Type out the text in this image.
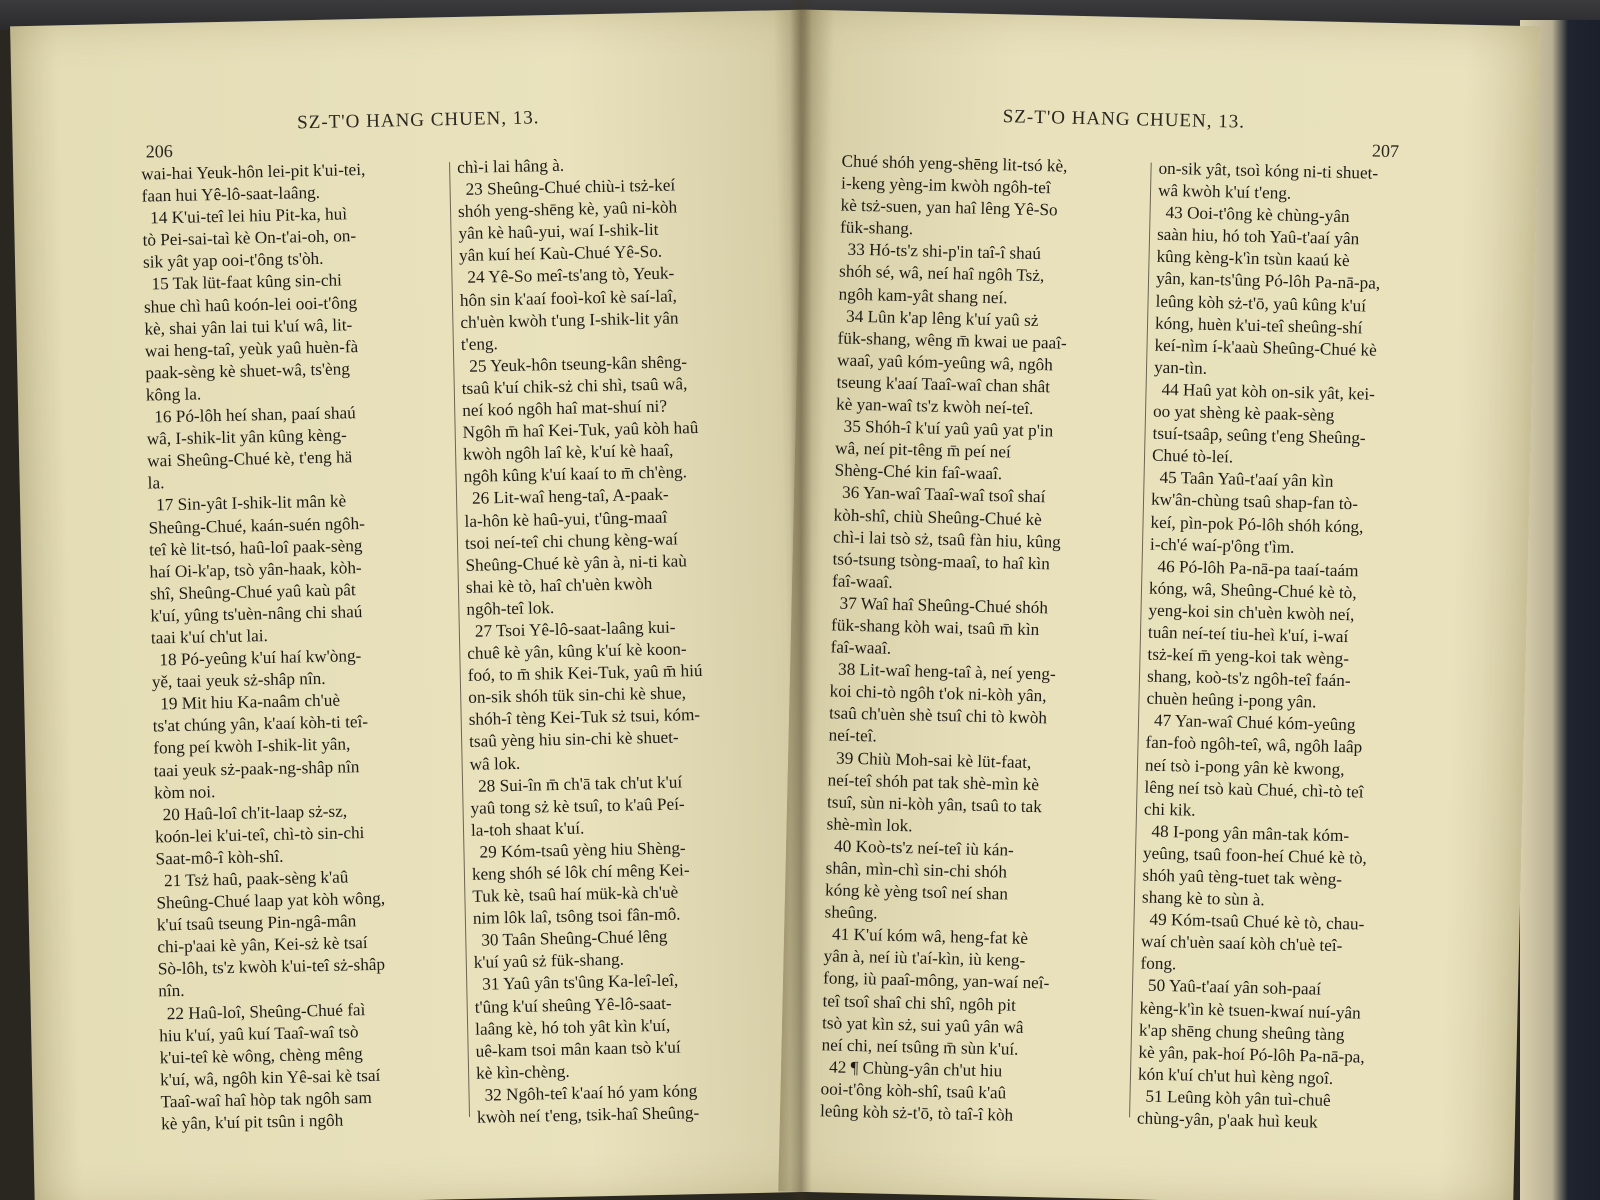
206
SZ-T'O HANG CHUEN, 13.

wai-hai Yeuk-hôn lei-pit k'ui-tei,

faan hui Yê-lô-saat-laâng.

14 K'ui-teî lei hiu Pit-ka, huì

tò Pei-sai-taì kè On-t'ai-oh, on-

sik yât yap ooi-t'ông ts'òh.

15 Tak lüt-faat kûng sin-chi

shue chì haû koón-lei ooi-t'ông

kè, shai yân lai tui k'uí wâ, lit-

wai heng-taî, yeùk yaû huèn-fà

paak-sèng kè shuet-wâ, ts'èng

kông la.

16 Pó-lôh heí shan, paaí shaú

wâ, I-shik-lit yân kûng kèng-

wai Sheûng-Chué kè, t'eng hä

la.

17 Sin-yât I-shik-lit mân kè

Sheûng-Chué, kaán-suén ngôh-

teî kè lit-tsó, haû-loî paak-sèng

haí Oi-k'ap, tsò yân-haak, kòh-

shî, Sheûng-Chué yaû kaù pât

k'uí, yûng ts'uèn-nâng chi shaú

taai k'uí ch'ut lai.

18 Pó-yeûng k'uí haí kw'òng-

yě, taai yeuk sż-shâp nîn.

19 Mit hiu Ka-naâm ch'uè

ts'at chúng yân, k'aaí kòh-ti teî-

fong peí kwòh I-shik-lit yân,

taai yeuk sż-paak-ng-shâp nîn

kòm noi.

20 Haû-loî ch'it-laap sż-sz,

koón-lei k'ui-teî, chì-tò sin-chi

Saat-mô-î kòh-shî.

21 Tsż haû, paak-sèng k'aû

Sheûng-Chué laap yat kòh wông,

k'uí tsaû tseung Pin-ngâ-mân

chi-p'aai kè yân, Kei-sż kè tsaí

Sò-lôh, ts'z kwòh k'ui-teî sż-shâp

nîn.

22 Haû-loî, Sheûng-Chué faì

hiu k'uí, yaû kuí Taaî-waî tsò

k'ui-teî kè wông, chèng mêng

k'uí, wâ, ngôh kin Yê-sai kè tsaí

Taaî-waî haî hòp tak ngôh sam

kè yân, k'uí pit tsûn i ngôh

chì-i lai hâng à.

23 Sheûng-Chué chiù-i tsż-keí

shóh yeng-shēng kè, yaû ni-kòh

yân kè haû-yui, waí I-shik-lit

yân kuí heí Kaù-Chué Yê-So.

24 Yê-So meî-ts'ang tò, Yeuk-

hôn sin k'aaí fooì-koî kè saí-laî,

ch'uèn kwòh t'ung I-shik-lit yân

t'eng.

25 Yeuk-hôn tseung-kân shêng-

tsaû k'uí chik-sż chi shì, tsaû wâ,

neí koó ngôh haî mat-shuí ni?

Ngôh m̄ haî Kei-Tuk, yaû kòh haû

kwòh ngôh laî kè, k'uí kè haaî,

ngôh kûng k'uí kaaí to m̄ ch'èng.

26 Lit-waî heng-taî, A-paak-

la-hôn kè haû-yui, t'ûng-maaî

tsoi neí-teî chi chung kèng-waí

Sheûng-Chué kè yân à, ni-ti kaù

shai kè tò, haî ch'uèn kwòh

ngôh-teî lok.

27 Tsoi Yê-lô-saat-laâng kui-

chuê kè yân, kûng k'uí kè koon-

foó, to m̄ shik Kei-Tuk, yaû m̄ hiú

on-sik shóh tük sin-chi kè shue,

shóh-î tèng Kei-Tuk sż tsui, kóm-

tsaû yèng hiu sin-chi kè shuet-

wâ lok.

28 Sui-în m̄ ch'ā tak ch'ut k'uí

yaû tong sż kè tsuî, to k'aû Peí-

la-toh shaat k'uí.

29 Kóm-tsaû yèng hiu Shèng-

keng shóh sé lôk chí mêng Kei-

Tuk kè, tsaû haí mük-kà ch'uè

nim lôk laî, tsông tsoi fân-mô.

30 Taân Sheûng-Chué lêng

k'uí yaû sż fük-shang.

31 Yaû yân ts'ûng Ka-leî-leî,

t'ûng k'uí sheûng Yê-lô-saat-

laâng kè, hó toh yât kìn k'uí,

uê-kam tsoi mân kaan tsò k'uí

kè kìn-chèng.

32 Ngôh-teî k'aaí hó yam kóng

kwòh neí t'eng, tsik-haî Sheûng-

SZ-T'O HANG CHUEN, 13.
207

Chué shóh yeng-shēng lit-tsó kè,

i-keng yèng-im kwòh ngôh-teî

kè tsż-suen, yan haî lêng Yê-So

fük-shang.

33 Hó-ts'z shi-p'in taî-î shaú

shóh sé, wâ, neí haî ngôh Tsż,

ngôh kam-yât shang neí.

34 Lûn k'ap lêng k'uí yaû sż

fük-shang, wêng m̄ kwai ue paaî-

waaî, yaû kóm-yeûng wâ, ngôh

tseung k'aaí Taaî-waî chan shât

kè yan-waî ts'z kwòh neí-teî.

35 Shóh-î k'uí yaû yaû yat p'in

wâ, neí pit-têng m̄ peí neí

Shèng-Ché kin faî-waaî.

36 Yan-waî Taaî-waî tsoî shaí

kòh-shî, chiù Sheûng-Chué kè

chì-i lai tsò sż, tsaû fàn hiu, kûng

tsó-tsung tsòng-maaî, to haî kìn

faî-waaî.

37 Waî haî Sheûng-Chué shóh

fük-shang kòh wai, tsaû m̄ kìn

faî-waaî.

38 Lit-waî heng-taî à, neí yeng-

koi chi-tò ngôh t'ok ni-kòh yân,

tsaû ch'uèn shè tsuî chi tò kwòh

neí-teî.

39 Chiù Moh-sai kè lüt-faat,

neí-teî shóh pat tak shè-mìn kè

tsuî, sùn ni-kòh yân, tsaû to tak

shè-mìn lok.

40 Koò-ts'z neí-teî iù kán-

shân, mìn-chì sin-chi shóh

kóng kè yèng tsoî neí shan

sheûng.

41 K'uí kóm wâ, heng-fat kè

yân à, neí iù t'aí-kìn, iù keng-

fong, iù paaî-mông, yan-waí neî-

teî tsoî shaî chi shî, ngôh pit

tsò yat kìn sż, sui yaû yân wâ

neí chi, neí tsûng m̄ sùn k'uí.

42 ¶ Chùng-yân ch'ut hiu

ooi-t'ông kòh-shî, tsaû k'aû

leûng kòh sż-t'ō, tò taî-î kòh

on-sik yât, tsoì kóng ni-ti shuet-

wâ kwòh k'uí t'eng.

43 Ooi-t'ông kè chùng-yân

saàn hiu, hó toh Yaû-t'aaí yân

kûng kèng-k'ìn tsùn kaaú kè

yân, kan-ts'ûng Pó-lôh Pa-nā-pa,

leûng kòh sż-t'ō, yaû kûng k'uí

kóng, huèn k'ui-teî sheûng-shí

keí-nìm í-k'aaù Sheûng-Chué kè

yan-tìn.

44 Haû yat kòh on-sik yât, kei-

oo yat shèng kè paak-sèng

tsuí-tsaâp, seûng t'eng Sheûng-

Chué tò-leí.

45 Taân Yaû-t'aaí yân kìn

kw'ân-chùng tsaû shap-fan tò-

keí, pìn-pok Pó-lôh shóh kóng,

i-ch'é waí-p'ông t'ìm.

46 Pó-lôh Pa-nā-pa taaí-taám

kóng, wâ, Sheûng-Chué kè tò,

yeng-koi sin ch'uèn kwòh neí,

tuân neí-teí tiu-heì k'uí, i-waí

tsż-keí m̄ yeng-koi tak wèng-

shang, koò-ts'z ngôh-teî faán-

chuèn heûng i-pong yân.

47 Yan-waî Chué kóm-yeûng

fan-foò ngôh-teî, wâ, ngôh laâp

neí tsò i-pong yân kè kwong,

lêng neí tsò kaù Chué, chì-tò teî

chi kik.

48 I-pong yân mân-tak kóm-

yeûng, tsaû foon-heí Chué kè tò,

shóh yaû tèng-tuet tak wèng-

shang kè to sùn à.

49 Kóm-tsaû Chué kè tò, chau-

waí ch'uèn saaí kòh ch'uè teî-

fong.

50 Yaû-t'aaí yân soh-paaí

kèng-k'ìn kè tsuen-kwaí nuí-yân

k'ap shēng chung sheûng tàng

kè yân, pak-hoí Pó-lôh Pa-nā-pa,

kón k'uí ch'ut huì kèng ngoî.

51 Leûng kòh yân tuì-chuê

chùng-yân, p'aak huì keuk
